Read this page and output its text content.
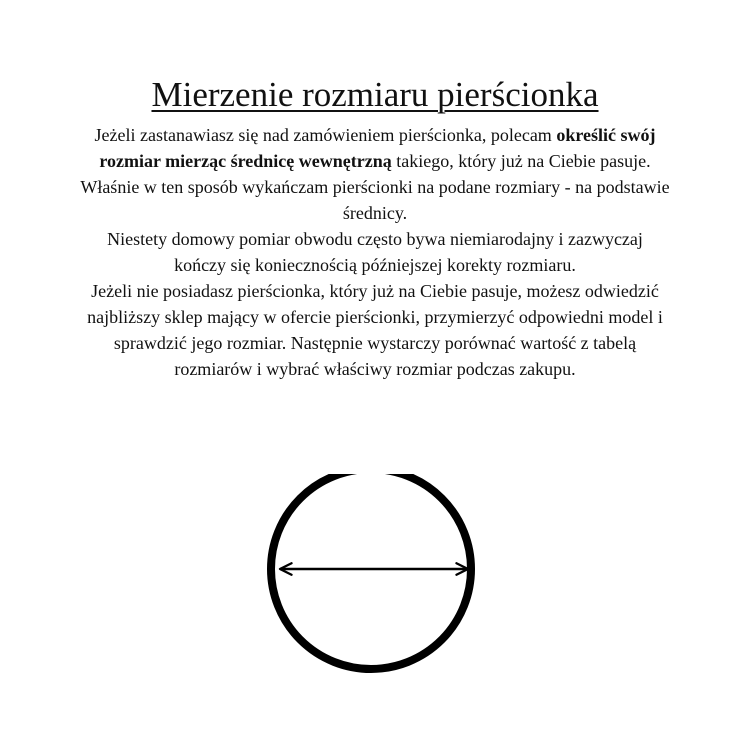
Mierzenie rozmiaru pierścionka

Jeżeli zastanawiasz się nad zamówieniem pierścionka, polecam określić swój rozmiar mierząc średnicę wewnętrzną takiego, który już na Ciebie pasuje.

Właśnie w ten sposób wykańczam pierścionki na podane rozmiary - na podstawie średnicy.

Niestety domowy pomiar obwodu często bywa niemiarodajny i zazwyczaj kończy się koniecznością późniejszej korekty rozmiaru.

Jeżeli nie posiadasz pierścionka, który już na Ciebie pasuje, możesz odwiedzić najbliższy sklep mający w ofercie pierścionki, przymierzyć odpowiedni model i sprawdzić jego rozmiar. Następnie wystarczy porównać wartość z tabelą rozmiarów i wybrać właściwy rozmiar podczas zakupu.
